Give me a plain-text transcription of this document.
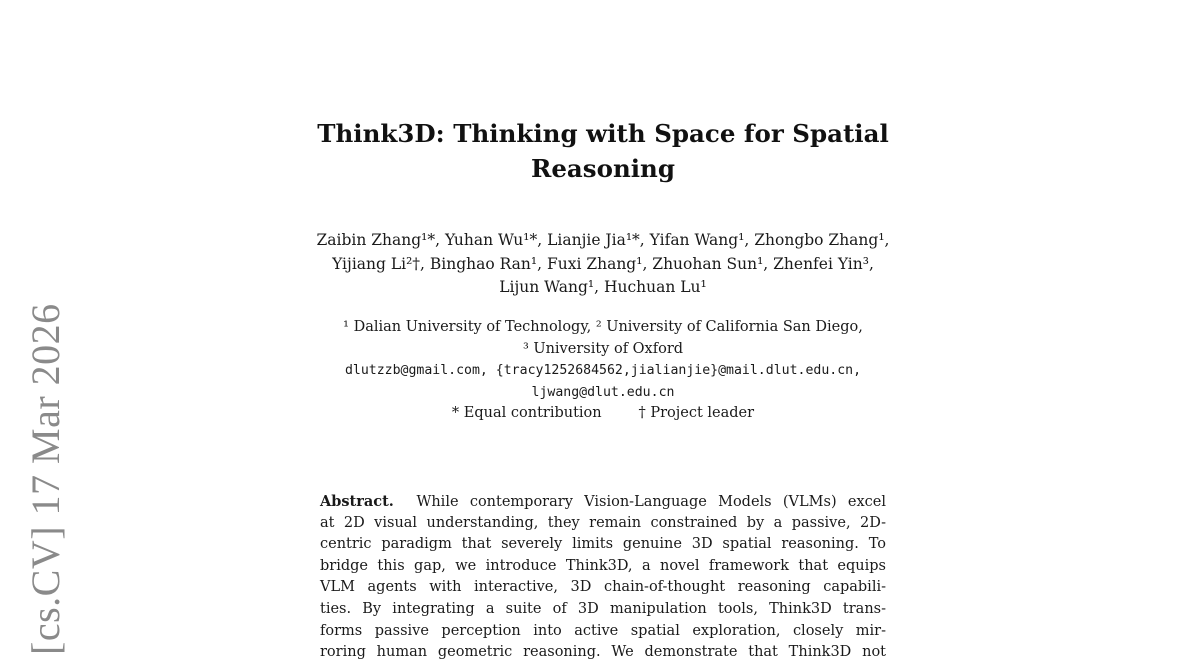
[cs.CV] 17 Mar 2026
Think3D: Thinking with Space for Spatial
Reasoning
Zaibin Zhang¹*, Yuhan Wu¹*, Lianjie Jia¹*, Yifan Wang¹, Zhongbo Zhang¹,
Yijiang Li²†, Binghao Ran¹, Fuxi Zhang¹, Zhuohan Sun¹, Zhenfei Yin³,
Lijun Wang¹, Huchuan Lu¹
¹ Dalian University of Technology, ² University of California San Diego,
³ University of Oxford
dlutzzb@gmail.com, {tracy1252684562,jialianjie}@mail.dlut.edu.cn,
ljwang@dlut.edu.cn
* Equal contribution        † Project leader
Abstract. While contemporary Vision-Language Models (VLMs) excel
at 2D visual understanding, they remain constrained by a passive, 2D-
centric paradigm that severely limits genuine 3D spatial reasoning. To
bridge this gap, we introduce Think3D, a novel framework that equips
VLM agents with interactive, 3D chain-of-thought reasoning capabili-
ties. By integrating a suite of 3D manipulation tools, Think3D trans-
forms passive perception into active spatial exploration, closely mir-
roring human geometric reasoning. We demonstrate that Think3D not
